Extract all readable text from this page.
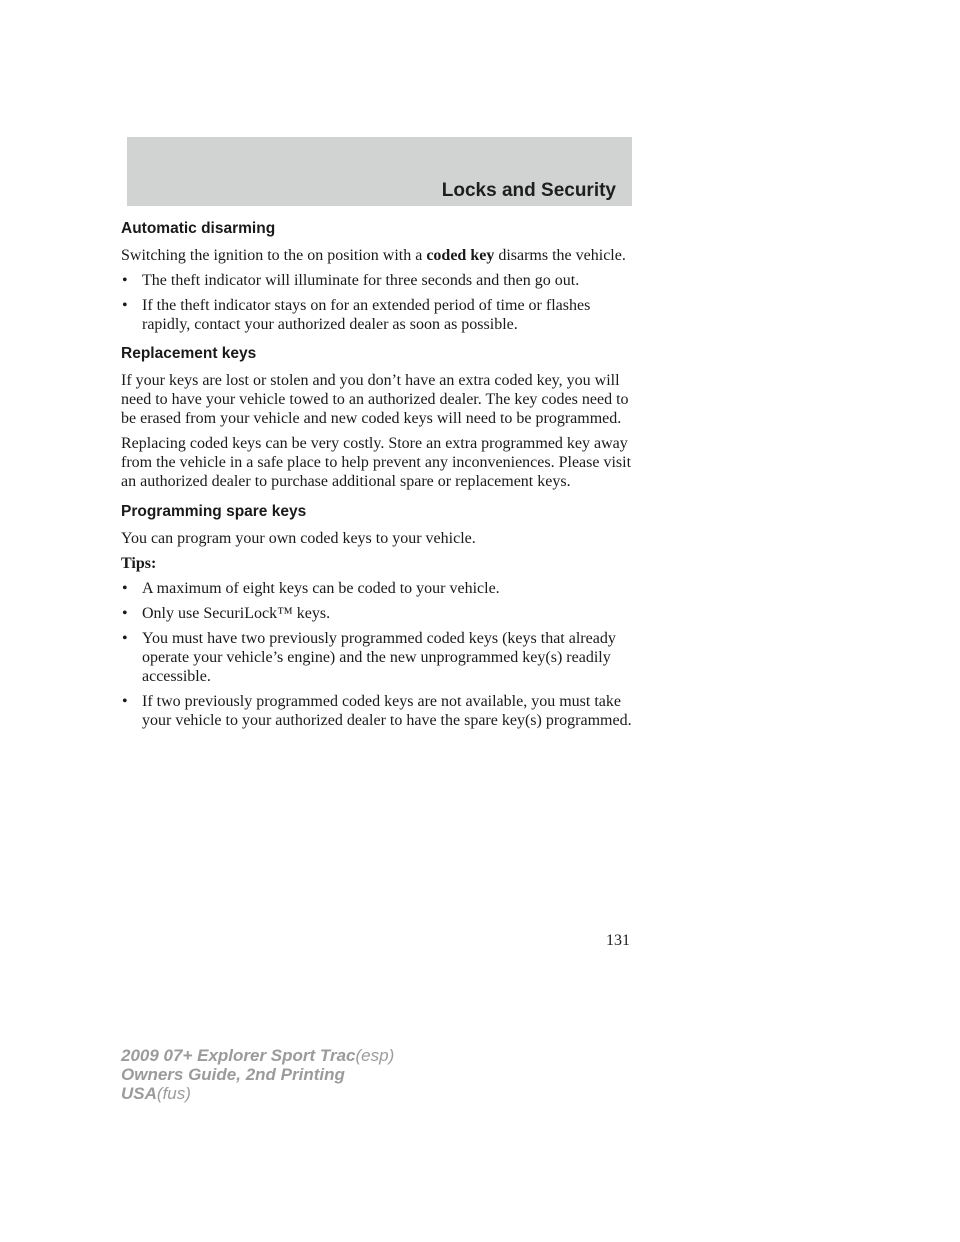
Locks and Security
Automatic disarming

Switching the ignition to the on position with a coded key disarms the vehicle.

• The theft indicator will illuminate for three seconds and then go out.
• If the theft indicator stays on for an extended period of time or flashes rapidly, contact your authorized dealer as soon as possible.
Replacement keys

If your keys are lost or stolen and you don’t have an extra coded key, you will need to have your vehicle towed to an authorized dealer. The key codes need to be erased from your vehicle and new coded keys will need to be programmed.

Replacing coded keys can be very costly. Store an extra programmed key away from the vehicle in a safe place to help prevent any inconveniences. Please visit an authorized dealer to purchase additional spare or replacement keys.

Programming spare keys

You can program your own coded keys to your vehicle.

Tips:

• A maximum of eight keys can be coded to your vehicle.
• Only use SecuriLock™ keys.
• You must have two previously programmed coded keys (keys that already operate your vehicle’s engine) and the new unprogrammed key(s) readily accessible.
• If two previously programmed coded keys are not available, you must take your vehicle to your authorized dealer to have the spare key(s) programmed.
131
2009 07+ Explorer Sport Trac(esp)
Owners Guide, 2nd Printing
USA(fus)
